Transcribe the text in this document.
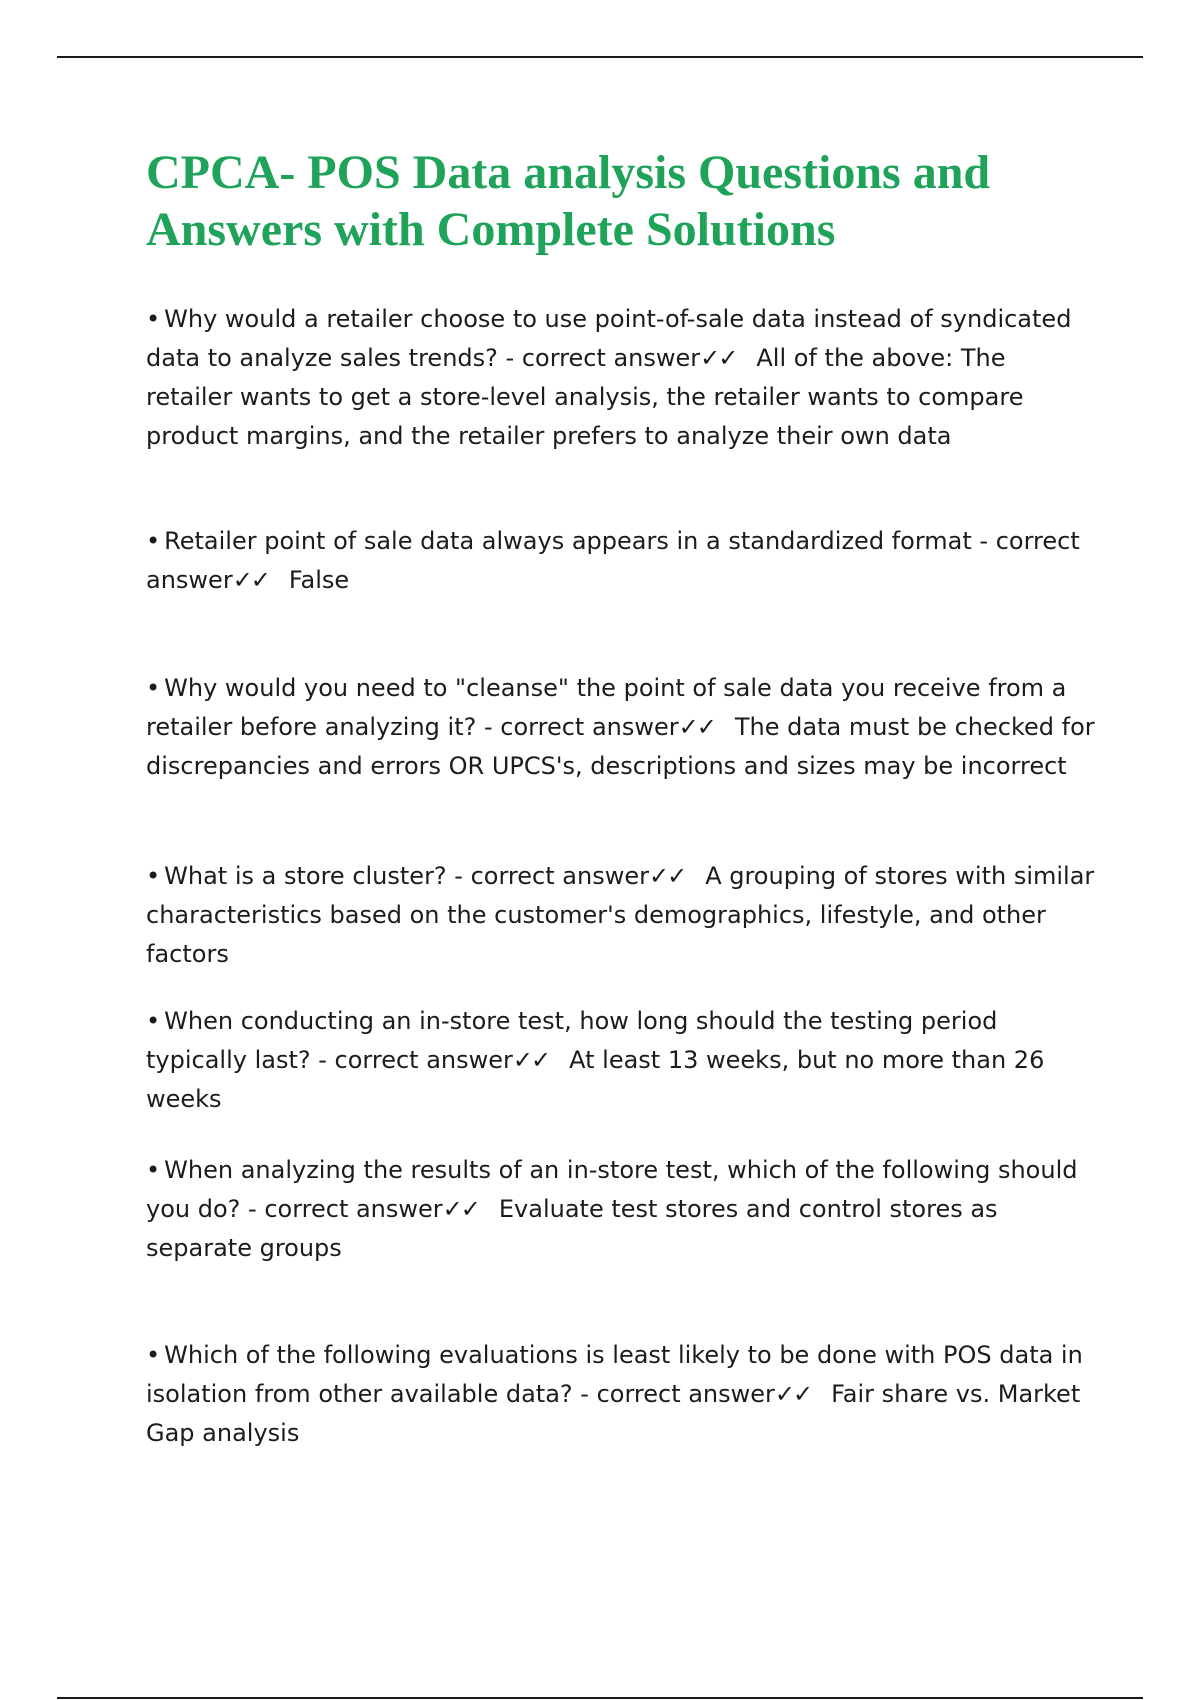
CPCA- POS Data analysis Questions and Answers with Complete Solutions

• Why would a retailer choose to use point-of-sale data instead of syndicated data to analyze sales trends? - correct answer✓✓ All of the above: The retailer wants to get a store-level analysis, the retailer wants to compare product margins, and the retailer prefers to analyze their own data

• Retailer point of sale data always appears in a standardized format - correct answer✓✓ False

• Why would you need to "cleanse" the point of sale data you receive from a retailer before analyzing it? - correct answer✓✓ The data must be checked for discrepancies and errors OR UPCS's, descriptions and sizes may be incorrect

• What is a store cluster? - correct answer✓✓ A grouping of stores with similar characteristics based on the customer's demographics, lifestyle, and other factors

• When conducting an in-store test, how long should the testing period typically last? - correct answer✓✓ At least 13 weeks, but no more than 26 weeks

• When analyzing the results of an in-store test, which of the following should you do? - correct answer✓✓ Evaluate test stores and control stores as separate groups

• Which of the following evaluations is least likely to be done with POS data in isolation from other available data? - correct answer✓✓ Fair share vs. Market Gap analysis
